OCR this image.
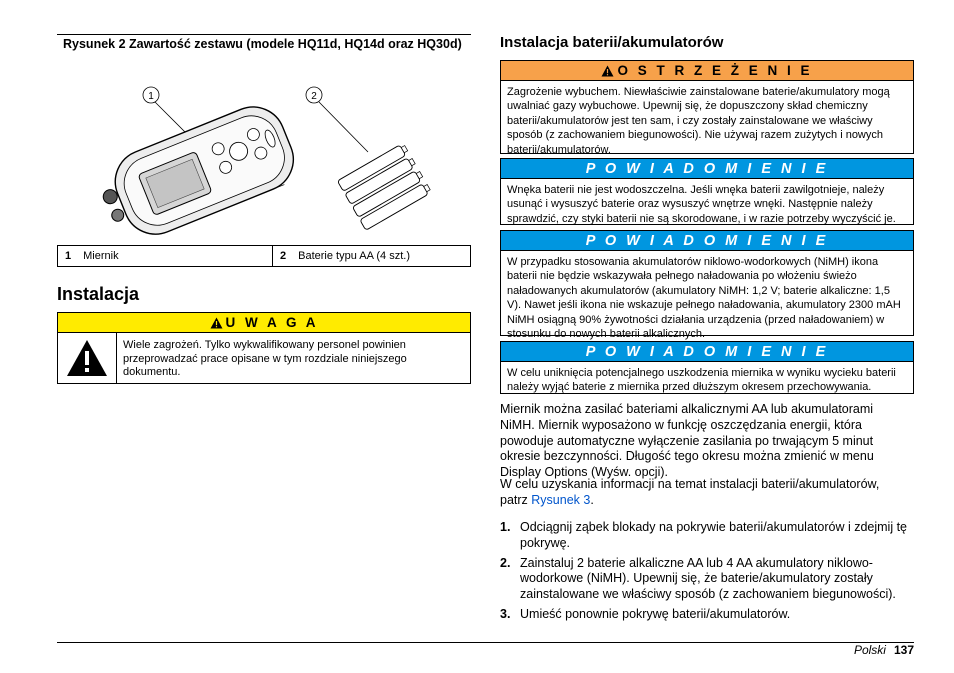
Rysunek 2 Zawartość zestawu (modele HQ11d, HQ14d oraz HQ30d)
1	2
1 Miernik	2 Baterie typu AA (4 szt.)
Instalacja
U W A G A
Wiele zagrożeń. Tylko wykwalifikowany personel powinien przeprowadzać prace opisane w tym rozdziale niniejszego dokumentu.
Instalacja baterii/akumulatorów
O S T R Z E Ż E N I E
Zagrożenie wybuchem. Niewłaściwie zainstalowane baterie/akumulatory mogą uwalniać gazy wybuchowe. Upewnij się, że dopuszczony skład chemiczny baterii/akumulatorów jest ten sam, i czy zostały zainstalowane we właściwy sposób (z zachowaniem biegunowości). Nie używaj razem zużytych i nowych baterii/akumulatorów.
P O W I A D O M I E N I E
Wnęka baterii nie jest wodoszczelna. Jeśli wnęka baterii zawilgotnieje, należy usunąć i wysuszyć baterie oraz wysuszyć wnętrze wnęki. Następnie należy sprawdzić, czy styki baterii nie są skorodowane, i w razie potrzeby wyczyścić je.
P O W I A D O M I E N I E
W przypadku stosowania akumulatorów niklowo-wodorkowych (NiMH) ikona baterii nie będzie wskazywała pełnego naładowania po włożeniu świeżo naładowanych akumulatorów (akumulatory NiMH: 1,2 V; baterie alkaliczne: 1,5 V). Nawet jeśli ikona nie wskazuje pełnego naładowania, akumulatory 2300 mAH NiMH osiągną 90% żywotności działania urządzenia (przed naładowaniem) w stosunku do nowych baterii alkalicznych.
P O W I A D O M I E N I E
W celu uniknięcia potencjalnego uszkodzenia miernika w wyniku wycieku baterii należy wyjąć baterie z miernika przed dłuższym okresem przechowywania.
Miernik można zasilać bateriami alkalicznymi AA lub akumulatorami NiMH. Miernik wyposażono w funkcję oszczędzania energii, która powoduje automatyczne wyłączenie zasilania po trwającym 5 minut okresie bezczynności. Długość tego okresu można zmienić w menu Display Options (Wyśw. opcji).
W celu uzyskania informacji na temat instalacji baterii/akumulatorów, patrz Rysunek 3.
1. Odciągnij ząbek blokady na pokrywie baterii/akumulatorów i zdejmij tę pokrywę.
2. Zainstaluj 2 baterie alkaliczne AA lub 4 AA akumulatory niklowo-wodorkowe (NiMH). Upewnij się, że baterie/akumulatory zostały zainstalowane we właściwy sposób (z zachowaniem biegunowości).
3. Umieść ponownie pokrywę baterii/akumulatorów.
Polski 137
